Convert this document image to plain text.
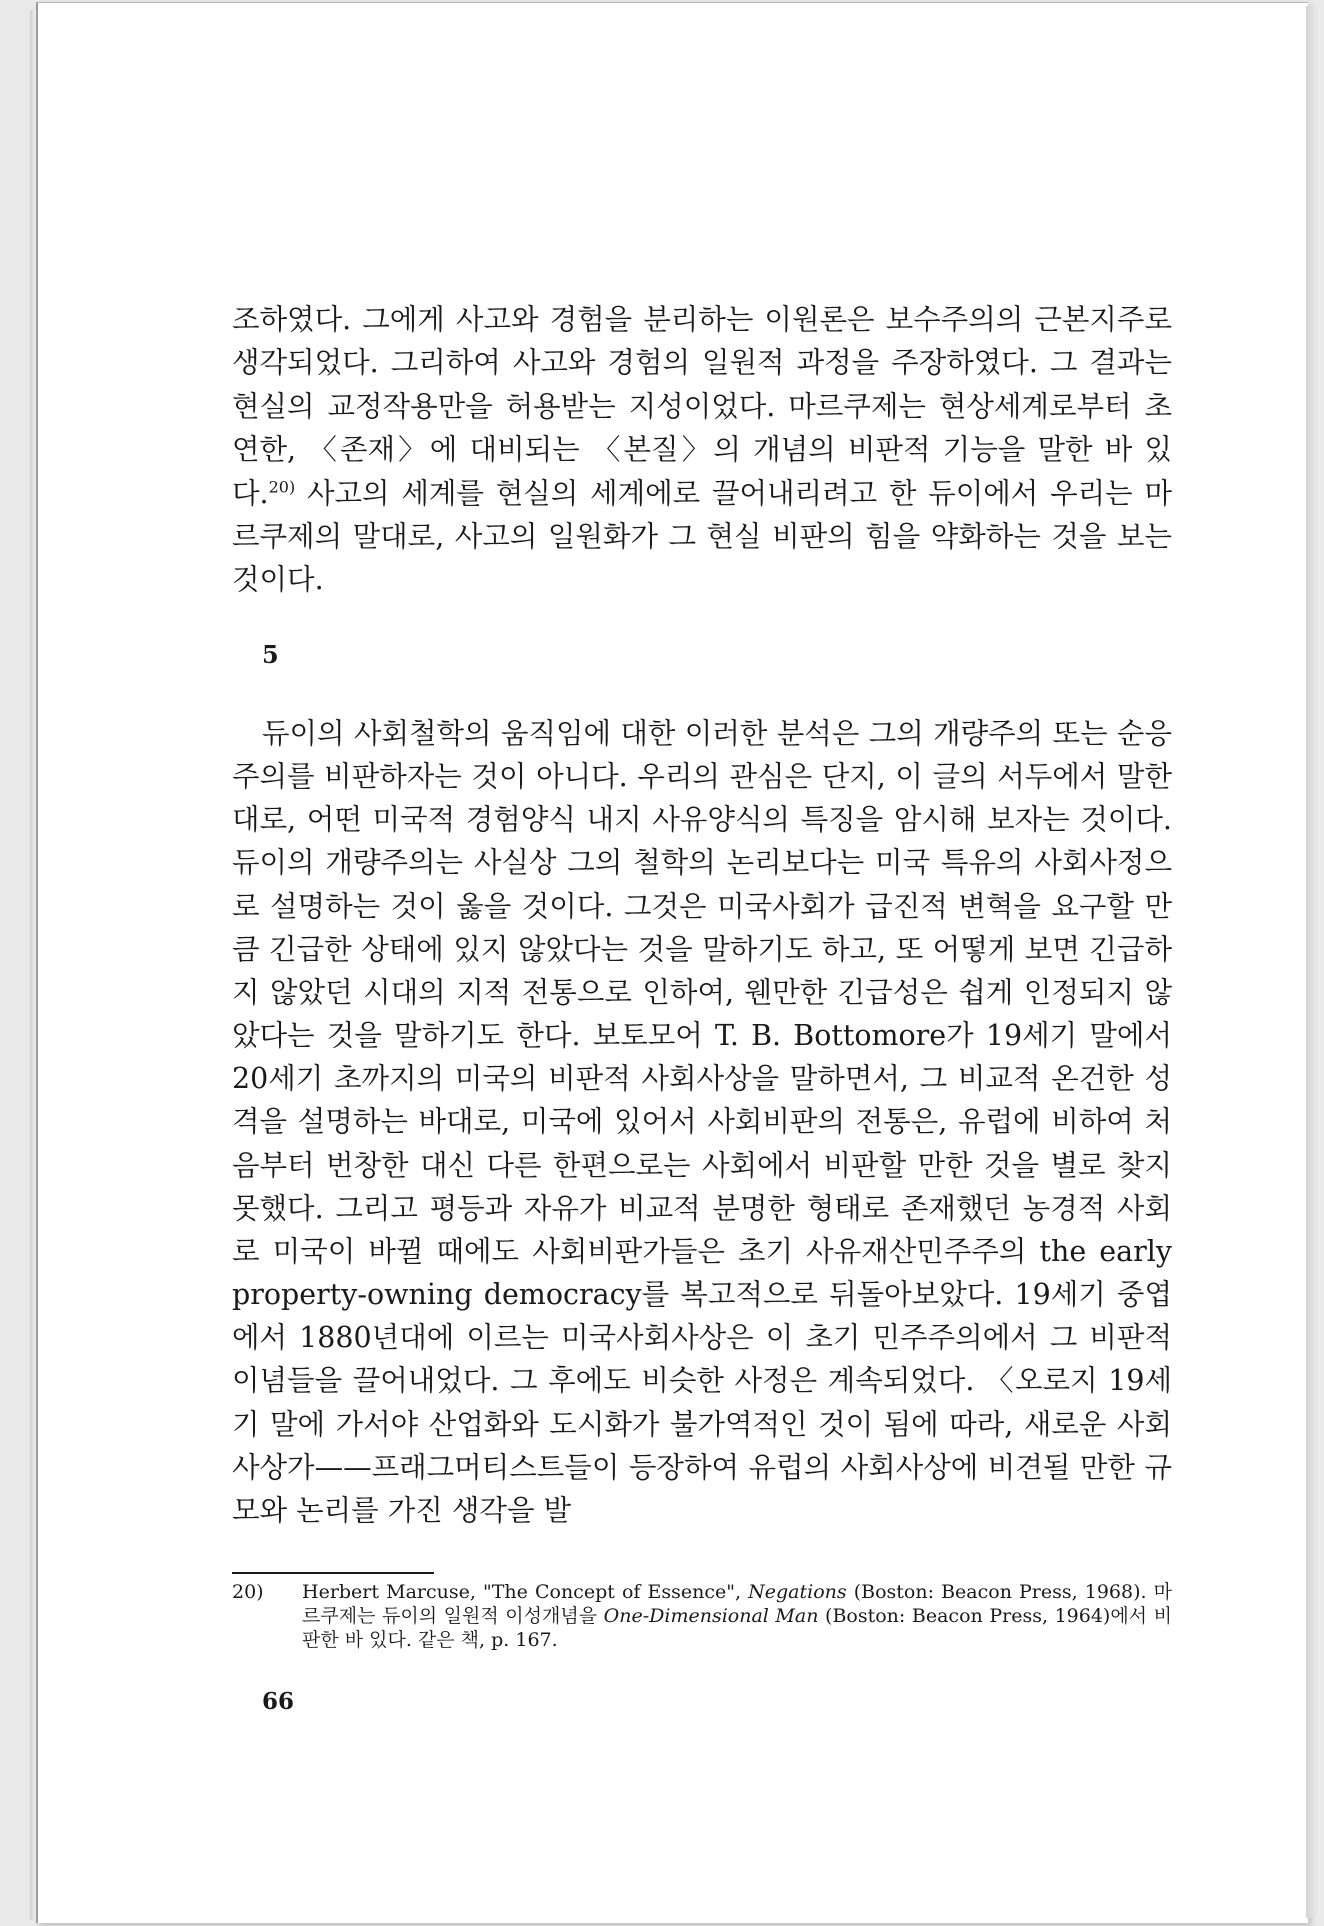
조하였다. 그에게 사고와 경험을 분리하는 이원론은 보수주의의 근본지주로 생각되었다. 그리하여 사고와 경험의 일원적 과정을 주장하였다. 그 결과는 현실의 교정작용만을 허용받는 지성이었다. 마르쿠제는 현상세계로부터 초연한, 〈존재〉에 대비되는 〈본질〉의 개념의 비판적 기능을 말한 바 있다.$^{20)}$ 사고의 세계를 현실의 세계에로 끌어내리려고 한 듀이에서 우리는 마르쿠제의 말대로, 사고의 일원화가 그 현실 비판의 힘을 약화하는 것을 보는 것이다.
5
듀이의 사회철학의 움직임에 대한 이러한 분석은 그의 개량주의 또는 순응주의를 비판하자는 것이 아니다. 우리의 관심은 단지, 이 글의 서두에서 말한 대로, 어떤 미국적 경험양식 내지 사유양식의 특징을 암시해 보자는 것이다. 듀이의 개량주의는 사실상 그의 철학의 논리보다는 미국 특유의 사회사정으로 설명하는 것이 옳을 것이다. 그것은 미국사회가 급진적 변혁을 요구할 만큼 긴급한 상태에 있지 않았다는 것을 말하기도 하고, 또 어떻게 보면 긴급하지 않았던 시대의 지적 전통으로 인하여, 웬만한 긴급성은 쉽게 인정되지 않았다는 것을 말하기도 한다. 보토모어 T. B. Bottomore가 19세기 말에서 20세기 초까지의 미국의 비판적 사회사상을 말하면서, 그 비교적 온건한 성격을 설명하는 바대로, 미국에 있어서 사회비판의 전통은, 유럽에 비하여 처음부터 번창한 대신 다른 한편으로는 사회에서 비판할 만한 것을 별로 찾지 못했다. 그리고 평등과 자유가 비교적 분명한 형태로 존재했던 농경적 사회로 미국이 바뀔 때에도 사회비판가들은 초기 사유재산민주주의 the early property-owning democracy를 복고적으로 뒤돌아보았다. 19세기 중엽에서 1880년대에 이르는 미국사회사상은 이 초기 민주주의에서 그 비판적 이념들을 끌어내었다. 그 후에도 비슷한 사정은 계속되었다. 〈오로지 19세기 말에 가서야 산업화와 도시화가 불가역적인 것이 됨에 따라, 새로운 사회사상가——프래그머티스트들이 등장하여 유럽의 사회사상에 비견될 만한 규모와 논리를 가진 생각을 발
20) Herbert Marcuse, "The Concept of Essence", Negations (Boston: Beacon Press, 1968). 마르쿠제는 듀이의 일원적 이성개념을 One-Dimensional Man (Boston: Beacon Press, 1964)에서 비판한 바 있다. 같은 책, p. 167.
66
